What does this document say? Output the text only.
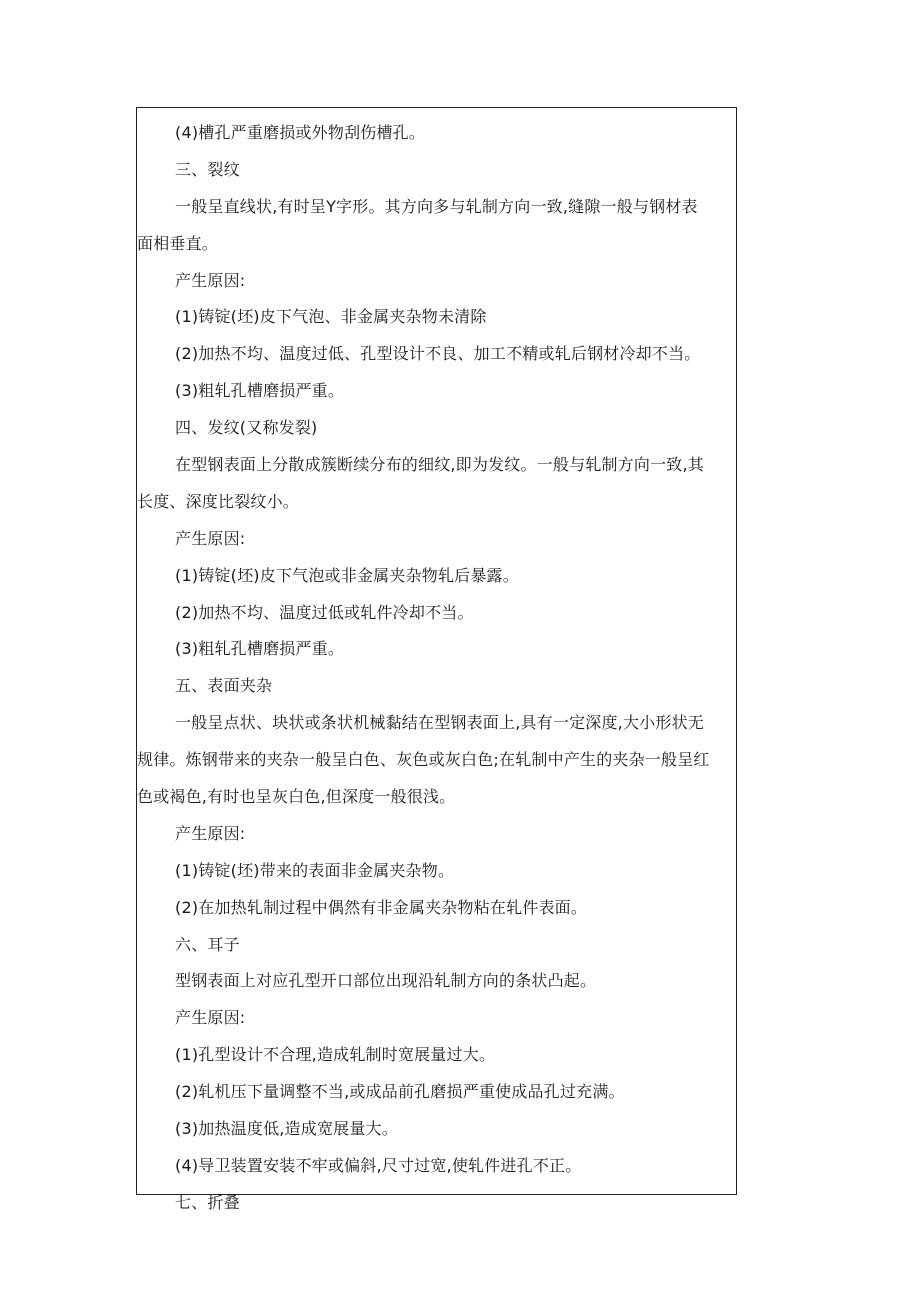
(4)槽孔严重磨损或外物刮伤槽孔。
三、裂纹
一般呈直线状,有时呈Y字形。其方向多与轧制方向一致,缝隙一般与钢材表
面相垂直。
产生原因:
(1)铸锭(坯)皮下气泡、非金属夹杂物未清除
(2)加热不均、温度过低、孔型设计不良、加工不精或轧后钢材冷却不当。
(3)粗轧孔槽磨损严重。
四、发纹(又称发裂)
在型钢表面上分散成簇断续分布的细纹,即为发纹。一般与轧制方向一致,其
长度、深度比裂纹小。
产生原因:
(1)铸锭(坯)皮下气泡或非金属夹杂物轧后暴露。
(2)加热不均、温度过低或轧件冷却不当。
(3)粗轧孔槽磨损严重。
五、表面夹杂
一般呈点状、块状或条状机械黏结在型钢表面上,具有一定深度,大小形状无
规律。炼钢带来的夹杂一般呈白色、灰色或灰白色;在轧制中产生的夹杂一般呈红
色或褐色,有时也呈灰白色,但深度一般很浅。
产生原因:
(1)铸锭(坯)带来的表面非金属夹杂物。
(2)在加热轧制过程中偶然有非金属夹杂物粘在轧件表面。
六、耳子
型钢表面上对应孔型开口部位出现沿轧制方向的条状凸起。
产生原因:
(1)孔型设计不合理,造成轧制时宽展量过大。
(2)轧机压下量调整不当,或成品前孔磨损严重使成品孔过充满。
(3)加热温度低,造成宽展量大。
(4)导卫装置安装不牢或偏斜,尺寸过宽,使轧件进孔不正。
七、折叠
